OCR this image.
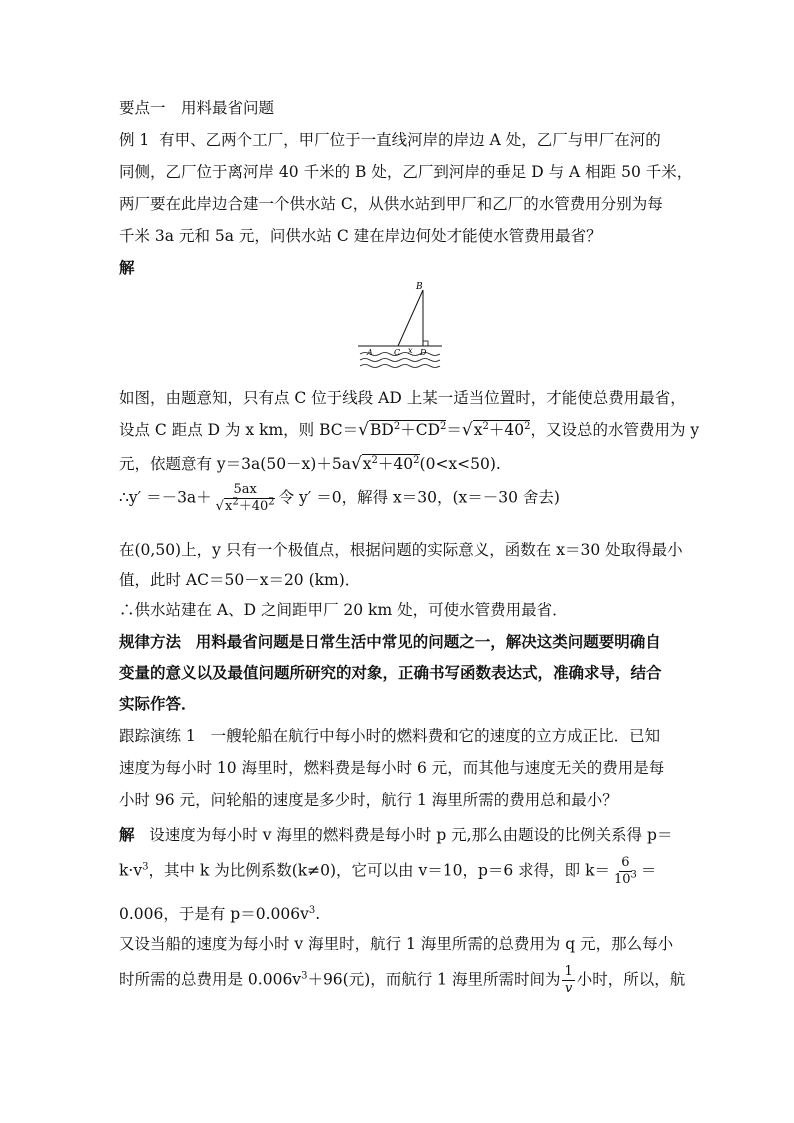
要点一　用料最省问题
例 1 有甲、乙两个工厂，甲厂位于一直线河岸的岸边 A 处，乙厂与甲厂在河的
同侧，乙厂位于离河岸 40 千米的 B 处，乙厂到河岸的垂足 D 与 A 相距 50 千米，
两厂要在此岸边合建一个供水站 C，从供水站到甲厂和乙厂的水管费用分别为每
千米 3a 元和 5a 元，问供水站 C 建在岸边何处才能使水管费用最省？
解
B
A	C x D
如图，由题意知，只有点 C 位于线段 AD 上某一适当位置时，才能使总费用最省，
设点 C 距点 D 为 x km，则 $BC=√BD^2+CD^2=√x^2+40^2$，又设总的水管费用为 y
元，依题意有 $y=3a(50-x)+5a√x^2+40^2(0<x<50)$.
∴y′ $=-3a+ \frac{5ax}{√x^2+40^2}$ 令 y′ ＝0，解得 x＝30，(x＝－30 舍去)
在(0,50)上，y 只有一个极值点，根据问题的实际意义，函数在 x＝30 处取得最小
值，此时 AC＝50－x＝20 (km)．
∴供水站建在 A、D 之间距甲厂 20 km 处，可使水管费用最省．
规律方法 用料最省问题是日常生活中常见的问题之一，解决这类问题要明确自
变量的意义以及最值问题所研究的对象，正确书写函数表达式，准确求导，结合
实际作答．
跟踪演练 1 一艘轮船在航行中每小时的燃料费和它的速度的立方成正比．已知
速度为每小时 10 海里时，燃料费是每小时 6 元，而其他与速度无关的费用是每
小时 96 元，问轮船的速度是多少时，航行 1 海里所需的费用总和最小？
解 设速度为每小时 v 海里的燃料费是每小时 p 元,那么由题设的比例关系得 p＝
$k\cdot v^3$，其中 k 为比例系数(k≠0)，它可以由 v＝10，p＝6 求得，即 $k= \frac{6}{10^3}$ ＝
0.006，于是有 $p=0.006v^3$.
又设当船的速度为每小时 v 海里时，航行 1 海里所需的总费用为 q 元，那么每小
时所需的总费用是 $0.006v^3+96$(元)，而航行 1 海里所需时间为 $\frac{1}{v}$ 小时，所以，航
